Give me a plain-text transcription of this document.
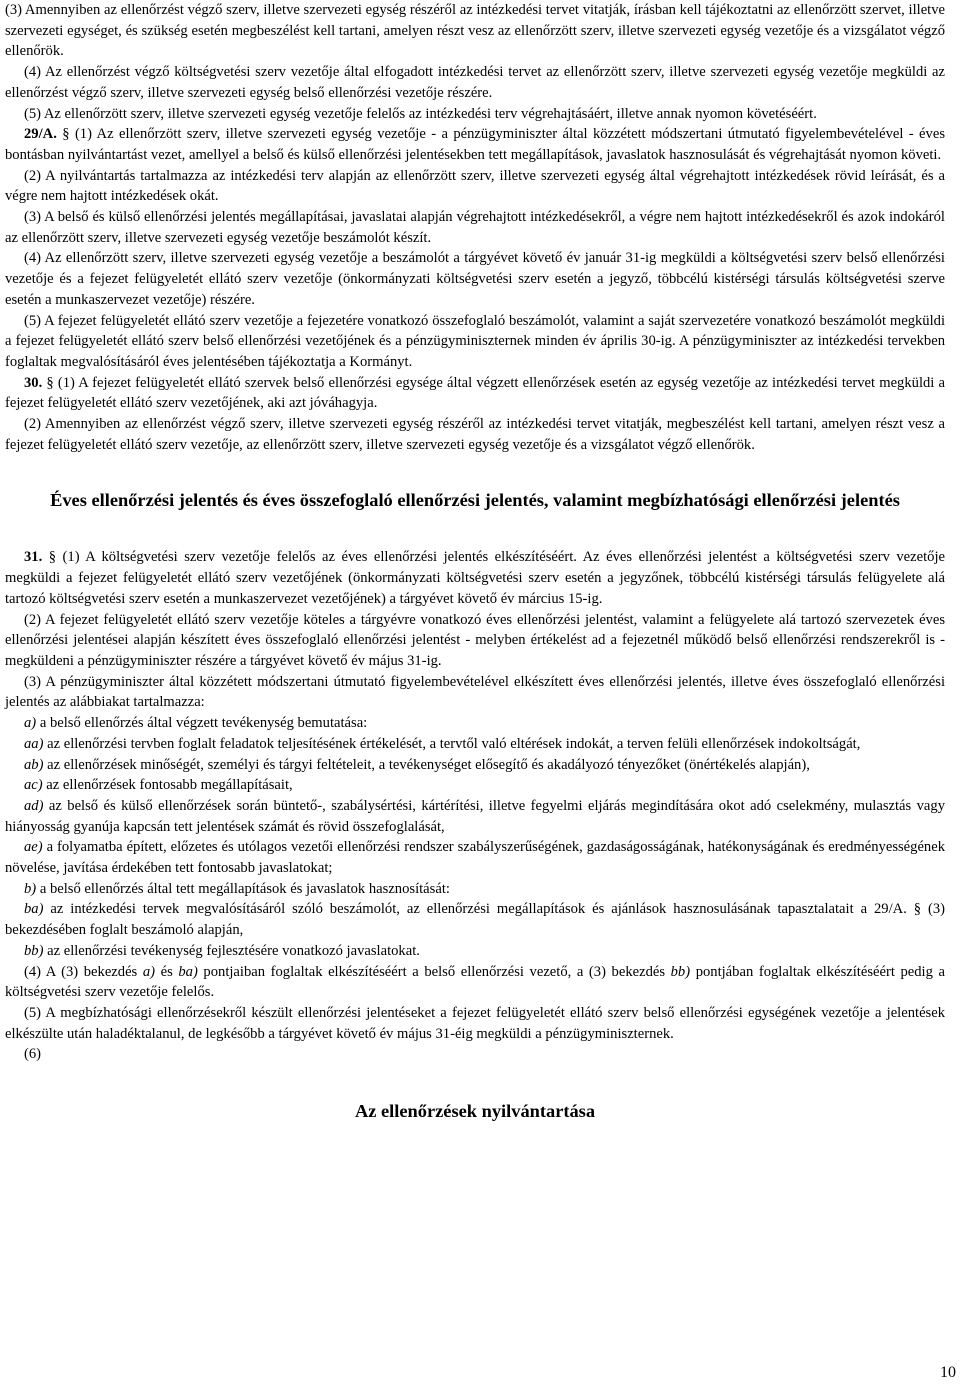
(3) Amennyiben az ellenőrzést végző szerv, illetve szervezeti egység részéről az intézkedési tervet vitatják, írásban kell tájékoztatni az ellenőrzött szervet, illetve szervezeti egységet, és szükség esetén megbeszélést kell tartani, amelyen részt vesz az ellenőrzött szerv, illetve szervezeti egység vezetője és a vizsgálatot végző ellenőrök.

(4) Az ellenőrzést végző költségvetési szerv vezetője által elfogadott intézkedési tervet az ellenőrzött szerv, illetve szervezeti egység vezetője megküldi az ellenőrzést végző szerv, illetve szervezeti egység belső ellenőrzési vezetője részére.

(5) Az ellenőrzött szerv, illetve szervezeti egység vezetője felelős az intézkedési terv végrehajtásáért, illetve annak nyomon követéséért.

29/A. § (1) Az ellenőrzött szerv, illetve szervezeti egység vezetője - a pénzügyminiszter által közzétett módszertani útmutató figyelembevételével - éves bontásban nyilvántartást vezet, amellyel a belső és külső ellenőrzési jelentésekben tett megállapítások, javaslatok hasznosulását és végrehajtását nyomon követi.

(2) A nyilvántartás tartalmazza az intézkedési terv alapján az ellenőrzött szerv, illetve szervezeti egység által végrehajtott intézkedések rövid leírását, és a végre nem hajtott intézkedések okát.

(3) A belső és külső ellenőrzési jelentés megállapításai, javaslatai alapján végrehajtott intézkedésekről, a végre nem hajtott intézkedésekről és azok indokáról az ellenőrzött szerv, illetve szervezeti egység vezetője beszámolót készít.

(4) Az ellenőrzött szerv, illetve szervezeti egység vezetője a beszámolót a tárgyévet követő év január 31-ig megküldi a költségvetési szerv belső ellenőrzési vezetője és a fejezet felügyeletét ellátó szerv vezetője (önkormányzati költségvetési szerv esetén a jegyző, többcélú kistérségi társulás költségvetési szerve esetén a munkaszervezet vezetője) részére.

(5) A fejezet felügyeletét ellátó szerv vezetője a fejezetére vonatkozó összefoglaló beszámolót, valamint a saját szervezetére vonatkozó beszámolót megküldi a fejezet felügyeletét ellátó szerv belső ellenőrzési vezetőjének és a pénzügyminiszternek minden év április 30-ig. A pénzügyminiszter az intézkedési tervekben foglaltak megvalósításáról éves jelentésében tájékoztatja a Kormányt.

30. § (1) A fejezet felügyeletét ellátó szervek belső ellenőrzési egysége által végzett ellenőrzések esetén az egység vezetője az intézkedési tervet megküldi a fejezet felügyeletét ellátó szerv vezetőjének, aki azt jóváhagyja.

(2) Amennyiben az ellenőrzést végző szerv, illetve szervezeti egység részéről az intézkedési tervet vitatják, megbeszélést kell tartani, amelyen részt vesz a fejezet felügyeletét ellátó szerv vezetője, az ellenőrzött szerv, illetve szervezeti egység vezetője és a vizsgálatot végző ellenőrök.

Éves ellenőrzési jelentés és éves összefoglaló ellenőrzési jelentés, valamint megbízhatósági ellenőrzési jelentés

31. § (1) A költségvetési szerv vezetője felelős az éves ellenőrzési jelentés elkészítéséért. Az éves ellenőrzési jelentést a költségvetési szerv vezetője megküldi a fejezet felügyeletét ellátó szerv vezetőjének (önkormányzati költségvetési szerv esetén a jegyzőnek, többcélú kistérségi társulás felügyelete alá tartozó költségvetési szerv esetén a munkaszervezet vezetőjének) a tárgyévet követő év március 15-ig.

(2) A fejezet felügyeletét ellátó szerv vezetője köteles a tárgyévre vonatkozó éves ellenőrzési jelentést, valamint a felügyelete alá tartozó szervezetek éves ellenőrzési jelentései alapján készített éves összefoglaló ellenőrzési jelentést - melyben értékelést ad a fejezetnél működő belső ellenőrzési rendszerekről is - megküldeni a pénzügyminiszter részére a tárgyévet követő év május 31-ig.

(3) A pénzügyminiszter által közzétett módszertani útmutató figyelembevételével elkészített éves ellenőrzési jelentés, illetve éves összefoglaló ellenőrzési jelentés az alábbiakat tartalmazza:

a) a belső ellenőrzés által végzett tevékenység bemutatása:

aa) az ellenőrzési tervben foglalt feladatok teljesítésének értékelését, a tervtől való eltérések indokát, a terven felüli ellenőrzések indokoltságát,

ab) az ellenőrzések minőségét, személyi és tárgyi feltételeit, a tevékenységet elősegítő és akadályozó tényezőket (önértékelés alapján),

ac) az ellenőrzések fontosabb megállapításait,

ad) az belső és külső ellenőrzések során büntető-, szabálysértési, kártérítési, illetve fegyelmi eljárás megindítására okot adó cselekmény, mulasztás vagy hiányosság gyanúja kapcsán tett jelentések számát és rövid összefoglalását,

ae) a folyamatba épített, előzetes és utólagos vezetői ellenőrzési rendszer szabályszerűségének, gazdaságosságának, hatékonyságának és eredményességének növelése, javítása érdekében tett fontosabb javaslatokat;

b) a belső ellenőrzés által tett megállapítások és javaslatok hasznosítását:

ba) az intézkedési tervek megvalósításáról szóló beszámolót, az ellenőrzési megállapítások és ajánlások hasznosulásának tapasztalatait a 29/A. § (3) bekezdésében foglalt beszámoló alapján,

bb) az ellenőrzési tevékenység fejlesztésére vonatkozó javaslatokat.

(4) A (3) bekezdés a) és ba) pontjaiban foglaltak elkészítéséért a belső ellenőrzési vezető, a (3) bekezdés bb) pontjában foglaltak elkészítéséért pedig a költségvetési szerv vezetője felelős.

(5) A megbízhatósági ellenőrzésekről készült ellenőrzési jelentéseket a fejezet felügyeletét ellátó szerv belső ellenőrzési egységének vezetője a jelentések elkészülte után haladéktalanul, de legkésőbb a tárgyévet követő év május 31-éig megküldi a pénzügyminiszternek.

(6)

Az ellenőrzések nyilvántartása
10
